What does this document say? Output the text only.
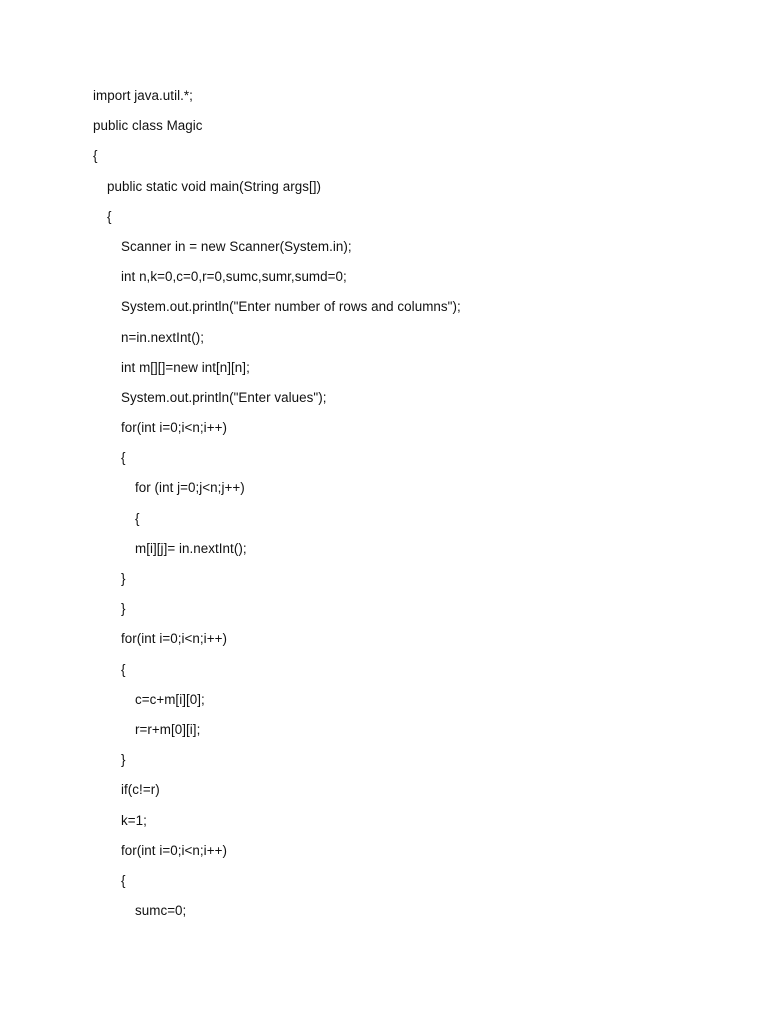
import java.util.*;
public class Magic
{
public static void main(String args[])
{
Scanner in = new Scanner(System.in);
int n,k=0,c=0,r=0,sumc,sumr,sumd=0;
System.out.println("Enter number of rows and columns");
n=in.nextInt();
int m[][]=new int[n][n];
System.out.println("Enter values");
for(int i=0;i<n;i++)
{
for (int j=0;j<n;j++)
{
m[i][j]= in.nextInt();
}
}
for(int i=0;i<n;i++)
{
c=c+m[i][0];
r=r+m[0][i];
}
if(c!=r)
k=1;
for(int i=0;i<n;i++)
{
sumc=0;
